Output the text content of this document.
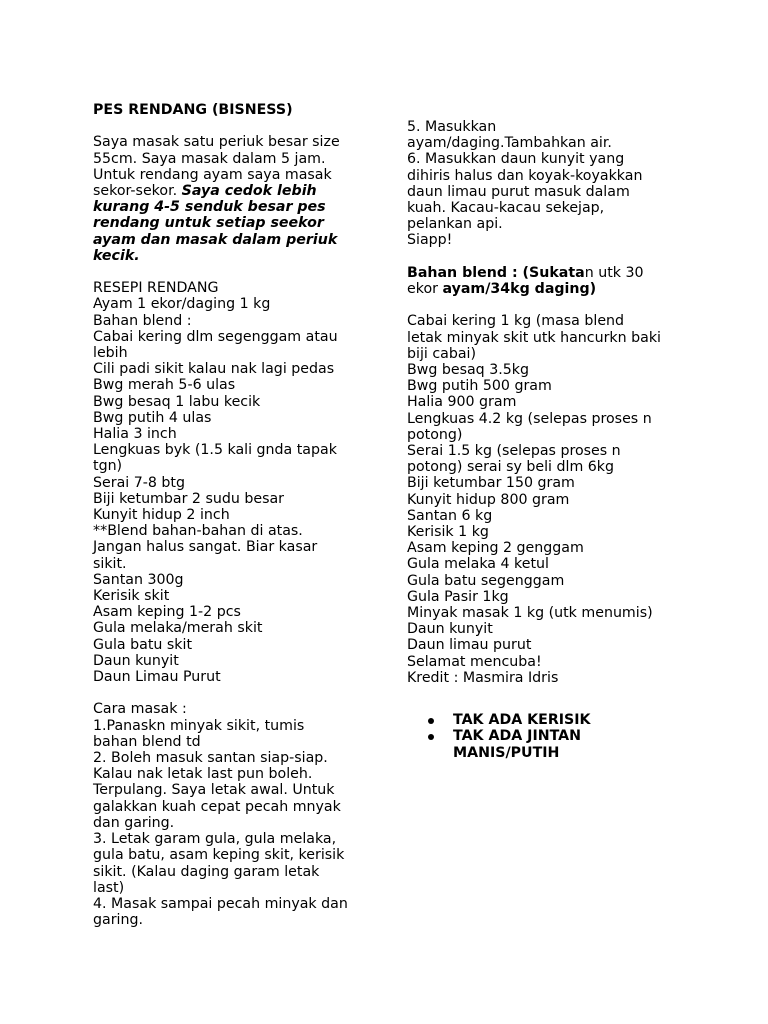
PES RENDANG (BISNESS)
Saya masak satu periuk besar size
55cm. Saya masak dalam 5 jam.
Untuk rendang ayam saya masak
sekor-sekor. Saya cedok lebih
kurang 4-5 senduk besar pes
rendang untuk setiap seekor
ayam dan masak dalam periuk
kecik.
RESEPI RENDANG
Ayam 1 ekor/daging 1 kg
Bahan blend :
Cabai kering dlm segenggam atau
lebih
Cili padi sikit kalau nak lagi pedas
Bwg merah 5-6 ulas
Bwg besaq 1 labu kecik
Bwg putih 4 ulas
Halia 3 inch
Lengkuas byk (1.5 kali gnda tapak
tgn)
Serai 7-8 btg
Biji ketumbar 2 sudu besar
Kunyit hidup 2 inch
**Blend bahan-bahan di atas.
Jangan halus sangat. Biar kasar
sikit.
Santan 300g
Kerisik skit
Asam keping 1-2 pcs
Gula melaka/merah skit
Gula batu skit
Daun kunyit
Daun Limau Purut
Cara masak :
1.Panaskn minyak sikit, tumis
bahan blend td
2. Boleh masuk santan siap-siap.
Kalau nak letak last pun boleh.
Terpulang. Saya letak awal. Untuk
galakkan kuah cepat pecah mnyak
dan garing.
3. Letak garam gula, gula melaka,
gula batu, asam keping skit, kerisik
sikit. (Kalau daging garam letak
last)
4. Masak sampai pecah minyak dan
garing.
5. Masukkan
ayam/daging.Tambahkan air.
6. Masukkan daun kunyit yang
dihiris halus dan koyak-koyakkan
daun limau purut masuk dalam
kuah. Kacau-kacau sekejap,
pelankan api.
Siapp!
Bahan blend : (Sukatan utk 30
ekor ayam/34kg daging)
Cabai kering 1 kg (masa blend
letak minyak skit utk hancurkn baki
biji cabai)
Bwg besaq 3.5kg
Bwg putih 500 gram
Halia 900 gram
Lengkuas 4.2 kg (selepas proses n
potong)
Serai 1.5 kg (selepas proses n
potong) serai sy beli dlm 6kg
Biji ketumbar 150 gram
Kunyit hidup 800 gram
Santan 6 kg
Kerisik 1 kg
Asam keping 2 genggam
Gula melaka 4 ketul
Gula batu segenggam
Gula Pasir 1kg
Minyak masak 1 kg (utk menumis)
Daun kunyit
Daun limau purut
Selamat mencuba!
Kredit : Masmira Idris
TAK ADA KERISIK
TAK ADA JINTAN
MANIS/PUTIH
